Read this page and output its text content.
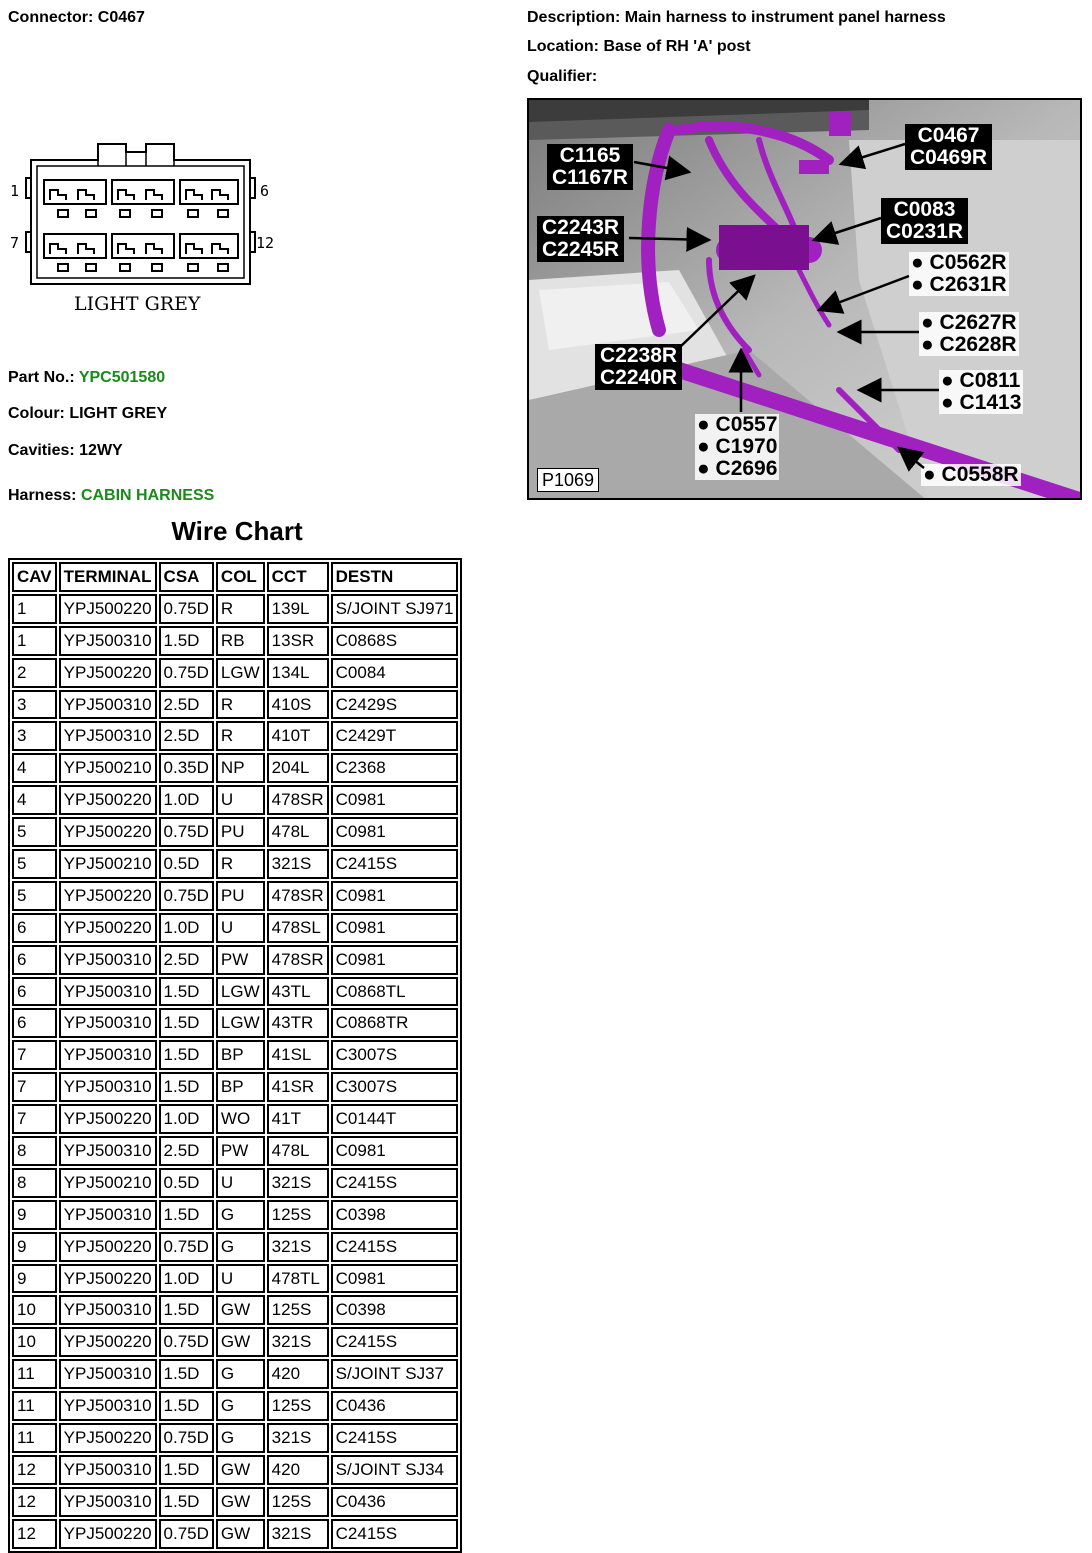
Connector: C0467	Description: Main harness to instrument panel harness
Location: Base of RH 'A' post
Qualifier:
1	6
7	12
LIGHT GREY
Part No.: YPC501580
Colour: LIGHT GREY
Cavities: 12WY
Harness: CABIN HARNESS
Wire Chart
CAV	TERMINAL	CSA	COL	CCT	DESTN
1	YPJ500220	0.75D	R	139L	S/JOINT SJ971
1	YPJ500310	1.5D	RB	13SR	C0868S
2	YPJ500220	0.75D	LGW	134L	C0084
3	YPJ500310	2.5D	R	410S	C2429S
3	YPJ500310	2.5D	R	410T	C2429T
4	YPJ500210	0.35D	NP	204L	C2368
4	YPJ500220	1.0D	U	478SR	C0981
5	YPJ500220	0.75D	PU	478L	C0981
5	YPJ500210	0.5D	R	321S	C2415S
5	YPJ500220	0.75D	PU	478SR	C0981
6	YPJ500220	1.0D	U	478SL	C0981
6	YPJ500310	2.5D	PW	478SR	C0981
6	YPJ500310	1.5D	LGW	43TL	C0868TL
6	YPJ500310	1.5D	LGW	43TR	C0868TR
7	YPJ500310	1.5D	BP	41SL	C3007S
7	YPJ500310	1.5D	BP	41SR	C3007S
7	YPJ500220	1.0D	WO	41T	C0144T
8	YPJ500310	2.5D	PW	478L	C0981
8	YPJ500210	0.5D	U	321S	C2415S
9	YPJ500310	1.5D	G	125S	C0398
9	YPJ500220	0.75D	G	321S	C2415S
9	YPJ500220	1.0D	U	478TL	C0981
10	YPJ500310	1.5D	GW	125S	C0398
10	YPJ500220	0.75D	GW	321S	C2415S
11	YPJ500310	1.5D	G	420	S/JOINT SJ37
11	YPJ500310	1.5D	G	125S	C0436
11	YPJ500220	0.75D	G	321S	C2415S
12	YPJ500310	1.5D	GW	420	S/JOINT SJ34
12	YPJ500310	1.5D	GW	125S	C0436
12	YPJ500220	0.75D	GW	321S	C2415S
C1165
C1167R
C0467
C0469R
C2243R
C2245R
C0083
C0231R
C2238R
C2240R
● C0562R
● C2631R
● C2627R
● C2628R
● C0811
● C1413
● C0557
● C1970
● C2696	● C0558R
P1069
